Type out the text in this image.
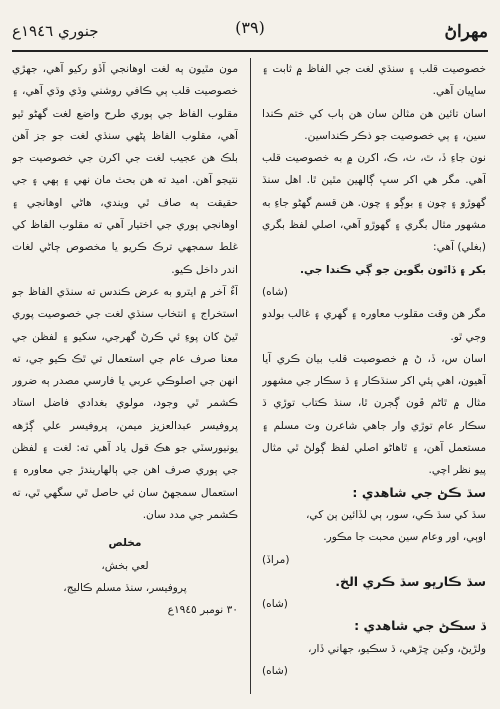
مهراڻ
(٣٩)
جنوري ١٩٤٦ع

خصوصيت قلب ۽ سنڌي لغت جي الفاظ ۾ ثابت ۽ ساڀيان آهي.

اسان تائين هن مثالن سان هن ٻاب کي ختم ڪندا سين، ۽ ٻي خصوصيت جو ذڪر ڪنداسين.

نون جاءِ ڏ، ٿ، ٺ، ڪ، اکرن ۾ به خصوصيت قلب آهي. مگر هي اکر سڀ ڳالهين مٿين ٿا. اهل سنڌ گهوڙو ۽ چون ۽ بوڳو ۽ چون. هن قسم گهڻو جاءِ به مشهور مثال بگري ۽ گهوڙو آهي، اصلي لفظ بگري (بغلي) آهي:

بکر ۽ ڏاٿون بگوين جو ڳي ڪندا جي.

(شاه)

مگر هن وقت مقلوب معاوره ۽ گهري ۽ غالب بولدو وجي ٿو.

اسان س، ڏ، ڻ ۾ خصوصيت قلب بيان ڪري آيا آهيون، اهي ٻئي اکر سنڌڪار ۽ ڌ سڪار جي مشهور مثال ۾ ٿاڻم ڦون ڳجرن ٿا، سنڌ ڪتاب توڙي ڌ سڪار عام توڙي وار جاهي شاعرن وٽ مسلم ۽ مستعمل آهن، ۽ ٿاهاڻو اصلي لفظ ڳولڻ ٿي مثال پيو نظر اچي.

سڌ ڪڻ جي شاهدي :

سڌ کي سڌ ڪي، سور، ٻي لڏائين ٻن کي،

اوٻي، اور وعام سين محبت جا مڪور.

(مراڏ)

سڌ ڪارڀو سڌ ڪري الخ.

(شاه)

ڌ سڪڻ جي شاهدي :

ولڙيڻ، وکين ڇڙهي، ڌ سڪيو، جهاني ڏار،

(شاه)

مون مٿيون ٻه لغت اوهانجي آڏو رکيو آهي، جهڙي خصوصيت قلب ٻي ڪافي روشني وڌي وڌي آهي، ۽ مقلوب الفاظ جي ٻوري طرح واضع لغت گهڻو ٿيو آهي، مقلوب الفاظ پڻهي سنڌي لغت جو جز آهن بلڪ هن عجيب لغت جي اکرن جي خصوصيت جو نتيجو آهن. اميد ته هن بحث مان نهي ۽ ٻهي ۽ جي حقيقت ٻه صاف ٿي ويندي، هاڻي اوهانجي ۽ اوهانجي ٻوري جي اختيار آهي ته مقلوب الفاظ کي غلط سمجهي ترڪ ڪريو يا مخصوص ڄاڻي لغات اندر داخل ڪيو.

آءٌ آخر ۾ ايترو به عرض ڪندس ته سنڌي الفاظ جو استخراج ۽ انتخاب سنڌي لغت جي خصوصيت پوري ٿيڻ کان پوءِ ئي ڪرڻ گهرجي، سکيو ۽ لفظن جي معنا صرف عام جي استعمال تي ٿڪ ڪيو جي، ته انهن جي اصلوڪي عربي يا فارسي مصدر ٻه ضرور ڪشمر ٿي وجود، مولوي بغدادي فاضل استاد پروفيسر عبدالعزيز ميمن، پروفيسر علي ڳڙهه يونيورسٽي جو هڪ قول ياد آهي ته: لغت ۽ لفظن جي ٻوري صرف اهن جي ٻالهاريندڙ جي معاوره ۽ استعمال سمجهڻ سان ئي حاصل ٿي سگهي ٿي، ته ڪشمر جي مدد سان.

مخلص
لعي بخش،
پروفيسر، سنڌ مسلم ڪاليج،

٣٠ نومبر ١٩٤٥ع
